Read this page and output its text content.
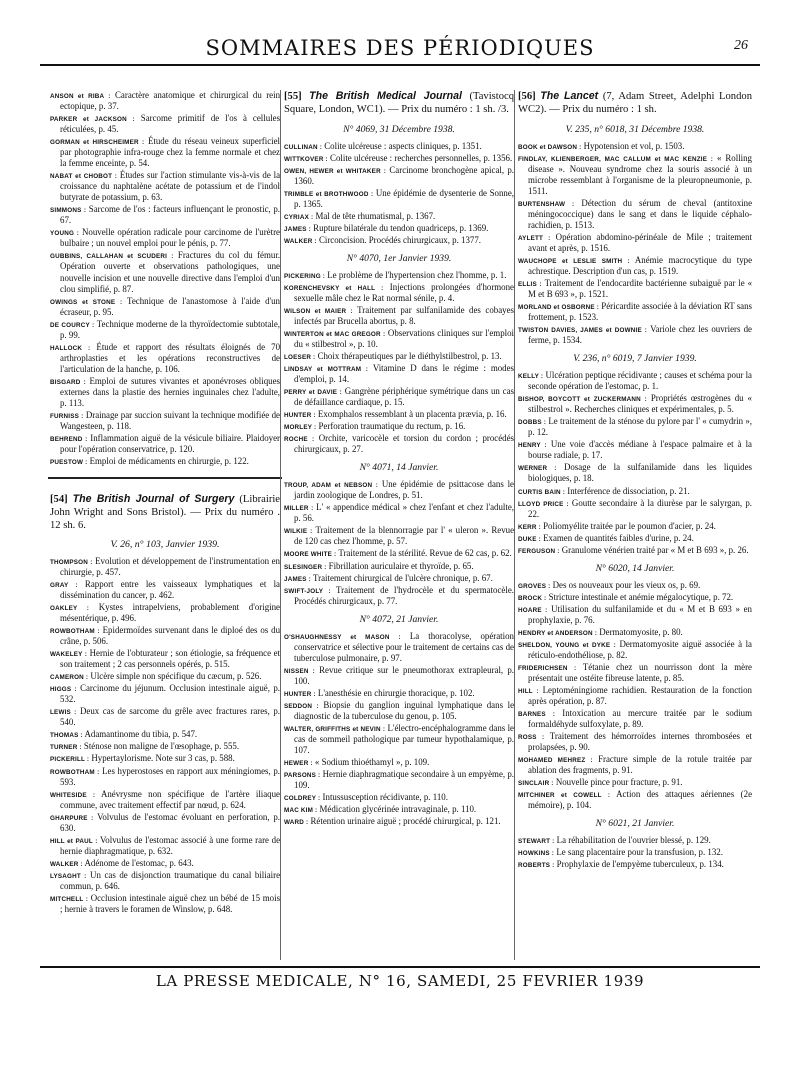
SOMMAIRES DES PÉRIODIQUES	26
ANSON et RIBA : Caractère anatomique et chirurgical du rein ectopique, p. 37.
PARKER et JACKSON : Sarcome primitif de l'os à cellules réticulées, p. 45.
GORMAN et HIRSCHEIMER : Étude du réseau veineux superficiel par photographie infra-rouge chez la femme normale et chez la femme enceinte, p. 54.
NABAT et CHOBOT : Études sur l'action stimulante vis-à-vis de la croissance du naphtalène acétate de potassium et de l'indol butyrate de potassium, p. 63.
SIMMONS : Sarcome de l'os : facteurs influençant le pronostic, p. 67.
YOUNG : Nouvelle opération radicale pour carcinome de l'urètre bulbaire ; un nouvel emploi pour le pénis, p. 77.
GUBBINS, CALLAHAN et SCUDERI : Fractures du col du fémur. Opération ouverte et observations pathologiques, une nouvelle incision et une nouvelle directive dans l'emploi d'un clou simplifié, p. 87.
OWINGS et STONE : Technique de l'anastomose à l'aide d'un écraseur, p. 95.
DE COURCY : Technique moderne de la thyroïdectomie subtotale, p. 99.
HALLOCK : Étude et rapport des résultats éloignés de 70 arthroplasties et les opérations reconstructives de l'articulation de la hanche, p. 106.
BISGARD : Emploi de sutures vivantes et aponévroses obliques externes dans la plastie des hernies inguinales chez l'adulte, p. 113.
FURNISS : Drainage par succion suivant la technique modifiée de Wangesteen, p. 118.
BEHREND : Inflammation aiguë de la vésicule biliaire. Plaidoyer pour l'opération conservatrice, p. 120.
PUESTOW : Emploi de médicaments en chirurgie, p. 122.
[54] The British Journal of Surgery (Librairie John Wright and Sons Bristol). — Prix du numéro . 12 sh. 6.
V. 26, n° 103, Janvier 1939.
THOMPSON : Evolution et développement de l'instrumentation en chirurgie, p. 457.
GRAY : Rapport entre les vaisseaux lymphatiques et la dissémination du cancer, p. 462.
OAKLEY : Kystes intrapelviens, probablement d'origine mésentérique, p. 496.
ROWBOTHAM : Epidermoïdes survenant dans le diploé des os du crâne, p. 506.
WAKELEY : Hernie de l'obturateur ; son étiologie, sa fréquence et son traitement ; 2 cas personnels opérés, p. 515.
CAMERON : Ulcère simple non spécifique du cæcum, p. 526.
HIGGS : Carcinome du jéjunum. Occlusion intestinale aiguë, p. 532.
LEWIS : Deux cas de sarcome du grêle avec fractures rares, p. 540.
THOMAS : Adamantinome du tibia, p. 547.
TURNER : Sténose non maligne de l'œsophage, p. 555.
PICKERILL : Hypertaylorisme. Note sur 3 cas, p. 588.
ROWBOTHAM : Les hyperostoses en rapport aux méningiomes, p. 593.
WHITESIDE : Anévrysme non spécifique de l'artère iliaque commune, avec traitement effectif par nœud, p. 624.
GHARPURE : Volvulus de l'estomac évoluant en perforation, p. 630.
HILL et PAUL : Volvulus de l'estomac associé à une forme rare de hernie diaphragmatique, p. 632.
WALKER : Adénome de l'estomac, p. 643.
LYSAGHT : Un cas de disjonction traumatique du canal biliaire commun, p. 646.
MITCHELL : Occlusion intestinale aiguë chez un bébé de 15 mois ; hernie à travers le foramen de Winslow, p. 648.
[55] The British Medical Journal (Tavistocq Square, London, WC1). — Prix du numéro : 1 sh. /3.
N° 4069, 31 Décembre 1938.
CULLINAN : Colite ulcéreuse : aspects cliniques, p. 1351.
WITTKOVER : Colite ulcéreuse : recherches personnelles, p. 1356.
OWEN, HEWER et WHITAKER : Carcinome bronchogène apical, p. 1360.
TRIMBLE et BROTHWOOD : Une épidémie de dysenterie de Sonne, p. 1365.
CYRIAX : Mal de tête rhumatismal, p. 1367.
JAMES : Rupture bilatérale du tendon quadriceps, p. 1369.
WALKER : Circoncision. Procédés chirurgicaux, p. 1377.
N° 4070, 1er Janvier 1939.
PICKERING : Le problème de l'hypertension chez l'homme, p. 1.
KORENCHEVSKY et HALL : Injections prolongées d'hormone sexuelle mâle chez le Rat normal sénile, p. 4.
WILSON et MAIER : Traitement par sulfanilamide des cobayes infectés par Brucella abortus, p. 8.
WINTERTON et MAC GREGOR : Observations cliniques sur l'emploi du « stilbestrol », p. 10.
LOESER : Choix thérapeutiques par le diéthylstilbestrol, p. 13.
LINDSAY et MOTTRAM : Vitamine D dans le régime : modes d'emploi, p. 14.
PERRY et DAVIE : Gangrène périphérique symétrique dans un cas de défaillance cardiaque, p. 15.
HUNTER : Exomphalos ressemblant à un placenta prævia, p. 16.
MORLEY : Perforation traumatique du rectum, p. 16.
ROCHE : Orchite, varicocèle et torsion du cordon ; procédés chirurgicaux, p. 27.
N° 4071, 14 Janvier.
TROUP, ADAM et NEBSON : Une épidémie de psittacose dans le jardin zoologique de Londres, p. 51.
MILLER : L' « appendice médical » chez l'enfant et chez l'adulte, p. 56.
WILKIE : Traitement de la blennorragie par l' « uleron ». Revue de 120 cas chez l'homme, p. 57.
MOORE WHITE : Traitement de la stérilité. Revue de 62 cas, p. 62.
SLESINGER : Fibrillation auriculaire et thyroïde, p. 65.
JAMES : Traitement chirurgical de l'ulcère chronique, p. 67.
SWIFT-JOLY : Traitement de l'hydrocèle et du spermatocèle. Procédés chirurgicaux, p. 77.
N° 4072, 21 Janvier.
O'SHAUGHNESSY et MASON : La thoracolyse, opération conservatrice et sélective pour le traitement de certains cas de tuberculose pulmonaire, p. 97.
NISSEN : Revue critique sur le pneumothorax extrapleural, p. 100.
HUNTER : L'anesthésie en chirurgie thoracique, p. 102.
SEDDON : Biopsie du ganglion inguinal lymphatique dans le diagnostic de la tuberculose du genou, p. 105.
WALTER, GRIFFITHS et NEVIN : L'électro-encéphalogramme dans le cas de sommeil pathologique par tumeur hypothalamique, p. 107.
HEWER : « Sodium thioéthamyl », p. 109.
PARSONS : Hernie diaphragmatique secondaire à un empyème, p. 109.
COLDREY : Intussusception récidivante, p. 110.
MAC KIM : Médication glycérinée intravaginale, p. 110.
WARD : Rétention urinaire aiguë ; procédé chirurgical, p. 121.
[56] The Lancet (7, Adam Street, Adelphi London WC2). — Prix du numéro : 1 sh.
V. 235, n° 6018, 31 Décembre 1938.
BOOK et DAWSON : Hypotension et vol, p. 1503.
FINDLAY, KLIENBERGER, MAC CALLUM et MAC KENZIE : « Rolling disease ». Nouveau syndrome chez la souris associé à un microbe ressemblant à l'organisme de la pleuropneumonie, p. 1511.
BURTENSHAW : Détection du sérum de cheval (antitoxine méningococcique) dans le sang et dans le liquide céphalo-rachidien, p. 1513.
AYLETT : Opération abdomino-périnéale de Mile ; traitement avant et après, p. 1516.
WAUCHOPE et LESLIE SMITH : Anémie macrocytique du type achrestique. Description d'un cas, p. 1519.
ELLIS : Traitement de l'endocardite bactérienne subaiguë par le « M et B 693 », p. 1521.
MORLAND et OSBORNE : Péricardite associée à la déviation RT sans frottement, p. 1523.
TWISTON DAVIES, JAMES et DOWNIE : Variole chez les ouvriers de ferme, p. 1534.
V. 236, n° 6019, 7 Janvier 1939.
KELLY : Ulcération peptique récidivante ; causes et schéma pour la seconde opération de l'estomac, p. 1.
BISHOP, BOYCOTT et ZUCKERMANN : Propriétés œstrogènes du « stilbestrol ». Recherches cliniques et expérimentales, p. 5.
DOBBS : Le traitement de la sténose du pylore par l' « cumydrin », p. 12.
HENRY : Une voie d'accès médiane à l'espace palmaire et à la bourse radiale, p. 17.
WERNER : Dosage de la sulfanilamide dans les liquides biologiques, p. 18.
CURTIS BAIN : Interférence de dissociation, p. 21.
LLOYD PRICE : Goutte secondaire à la diurèse par le salyrgan, p. 22.
KERR : Poliomyélite traitée par le poumon d'acier, p. 24.
DUKE : Examen de quantités faibles d'urine, p. 24.
FERGUSON : Granulome vénérien traité par « M et B 693 », p. 26.
N° 6020, 14 Janvier.
GROVES : Des os nouveaux pour les vieux os, p. 69.
BROCK : Stricture intestinale et anémie mégalocytique, p. 72.
HOARE : Utilisation du sulfanilamide et du « M et B 693 » en prophylaxie, p. 76.
HENDRY et ANDERSON : Dermatomyosite, p. 80.
SHELDON, YOUNG et DYKE : Dermatomyosite aiguë associée à la réticulo-endothéliose, p. 82.
FRIDERICHSEN : Tétanie chez un nourrisson dont la mère présentait une ostéite fibreuse latente, p. 85.
HILL : Leptoméningiome rachidien. Restauration de la fonction après opération, p. 87.
BARNES : Intoxication au mercure traitée par le sodium formaldéhyde sulfoxylate, p. 89.
ROSS : Traitement des hémorroïdes internes thrombosées et prolapsées, p. 90.
MOHAMED MEHREZ : Fracture simple de la rotule traitée par ablation des fragments, p. 91.
SINCLAIR : Nouvelle pince pour fracture, p. 91.
MITCHINER et COWELL : Action des attaques aériennes (2e mémoire), p. 104.
N° 6021, 21 Janvier.
STEWART : La réhabilitation de l'ouvrier blessé, p. 129.
HOWKINS : Le sang placentaire pour la transfusion, p. 132.
ROBERTS : Prophylaxie de l'empyème tuberculeux, p. 134.
LA PRESSE MEDICALE, N° 16, SAMEDI, 25 FEVRIER 1939
